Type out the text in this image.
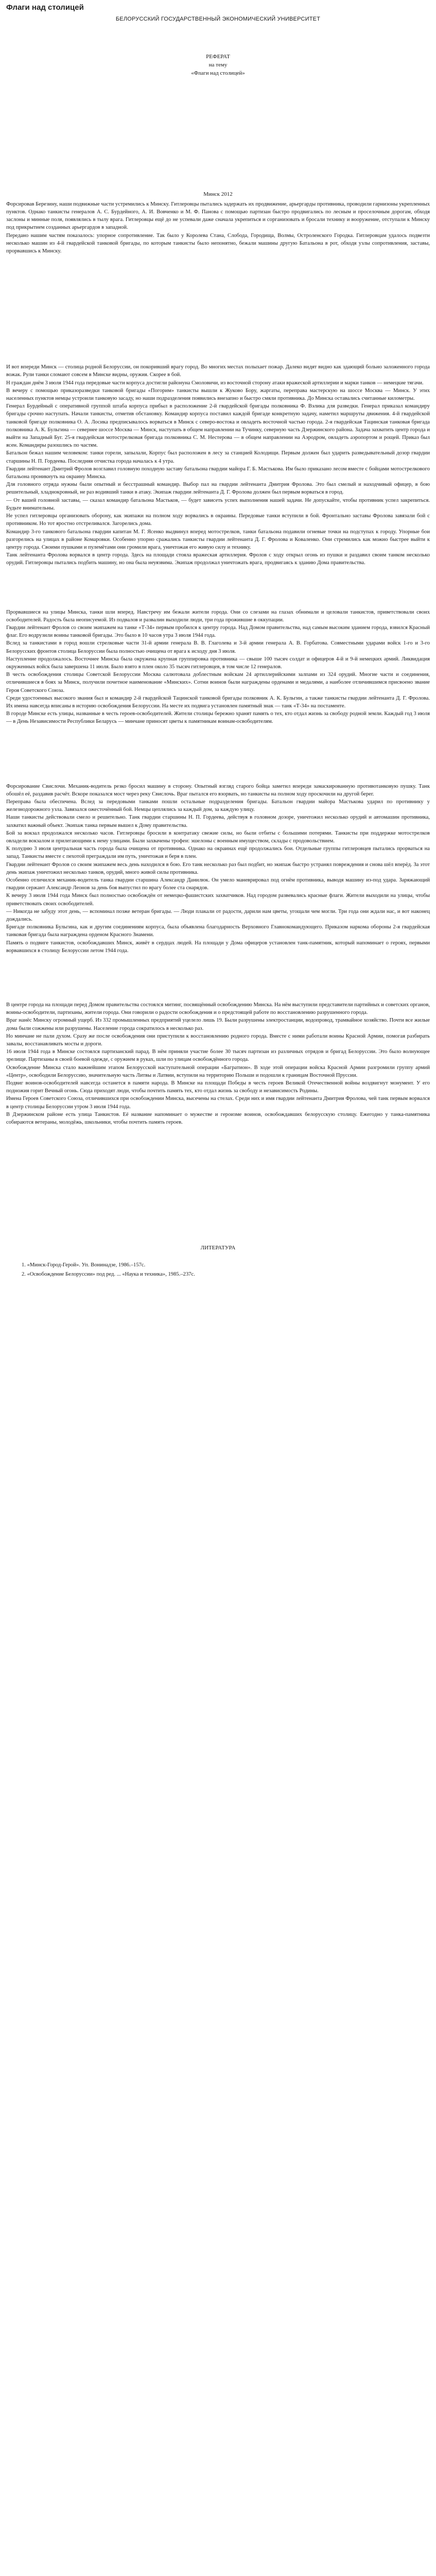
Флаги над столицей
БЕЛОРУССКИЙ ГОСУДАРСТВЕННЫЙ ЭКОНОМИЧЕСКИЙ УНИВЕРСИТЕТ
РЕФЕРАТ
на тему
«Флаги над столицей»
Минск 2012

Форсировав Березину, наши подвижные части устремились к Минску. Гитлеровцы пытались задержать их продвижение, арьергарды противника, проводили гарнизоны укрепленных пунктов. Однако танкисты генералов А. С. Бурдейного, А. И. Вовченко и М. Ф. Панова с помощью партизан быстро продвигались по лесным и проселочным дорогам, обходя заслоны и минные поля, появлялись в тылу врага. Гитлеровцы ещё до не успевали даже сначала укрепиться и сорганизовать и бросали технику и вооружение, отступали к Минску под прикрытием созданных арьергардов в западной.

Передано нашим частям показалось: упорное сопротивление. Так было у Королева Стана, Слобода, Городища, Волмы, Остроленского Городка. Гитлеровцам удалось подвезти несколько машин из 4-й гвардейской танковой бригады, по которым танкисты было непонятно, бежали машины другую Батальона в рот, обходя узлы сопротивления, заставы, прорвавшись к Минску.

И вот впереди Минск — столица родной Белоруссии, он покоривший врагу город. Во многих местах полыхает пожар. Далеко видят видно как здающий больно заложенного города вожак. Рули танки сломают совсем в Минске видны, оружия. Скорее в бой.

Н граждан днём 3 июля 1944 года передовые части корпуса достигли районуна Смоловичи, из восточной сторону атаки вражеской артиллерии и марки танков — немецкие тягачи.

В вечеру с помощью приказоразведки танковой бригады «Погорим» танкисты вышли к Жуково Бору, жаргаты, переправа мастерскую на шоссе Москва — Минск. У этих населенных пунктов немцы устроили танковую засаду, но наши подразделения появились внезапно и быстро смяли противника. До Минска оставались считанные километры.

Генерал Бурдейный с оперативной группой штаба корпуса прибыл в расположение 2-й гвардейской бригады полковника Ф. Вэлика для разведки. Генерал приказал командиру бригады срочно наступать. Начали танкисты, отметив обстановку. Командир корпуса поставил каждой бригаде конкретную задачу, наметил маршруты движения. 4-й гвардейской танковой бригаде полковника О. А. Лосика предписывалось ворваться в Минск с северо-востока и овладеть восточной частью города. 2-я гвардейская Тацинская танковая бригада полковника А. К. Бульгина — севернее шоссе Москва — Минск, наступать в общем направлении на Тучинку, северную часть Дзержинского района. Задача захватить центр города и выйти на Западный Буг. 25-я гвардейская мотострелковая бригада полковника С. М. Нестерова — в общем направлении на Аэродром, овладеть аэропортом и рощей. Приказ был ясен. Командиры разошлись по частям.

Батальон бежал нашим человеком: танки горели, запылали, Корпус был расположен в лесу за станцией Колодищи. Первым должен был ударить разведывательный дозор гвардии старшины Н. П. Гордеева. Последняя отчистка города началась к 4 утра.

Гвардии лейтенант Дмитрий Фролов возглавил головную походную заставу батальона гвардии майора Г. Б. Мастькова. Им было приказано лесом вместе с бойцами мотострелкового батальона проникнуть на окраину Минска.

Для головного отряда нужны были опытный и бесстрашный командир. Выбор пал на гвардии лейтенанта Дмитрия Фролова. Это был смелый и находчивый офицер, в бою решительный, хладнокровный, не раз водивший танки в атаку. Экипаж гвардии лейтенанта Д. Г. Фролова должен был первым ворваться в город.

— От вашей головной заставы, — сказал командир батальона Мастьков, — будет зависеть успех выполнения нашей задачи. Не допускайте, чтобы противник успел закрепиться. Будьте внимательны.

Не успел гитлеровцы организовать оборону, как экипажи на полном ходу ворвались в окраины. Передовые танки вступили в бой. Фронтально заставы Фролова завязали бой с противником. Но тот яростно отстреливался. Загорелись дома.

Командир 3-го танкового батальона гвардии капитан М. Г. Ясенко выдвинул вперед мотострелков, танки батальона подавили огневые точки на подступах к городу. Упорные бои разгорелись на улицах в районе Комаровки. Особенно упорно сражались танкисты гвардии лейтенанта Д. Г. Фролова и Коваленко. Они стремились как можно быстрее выйти к центру города. Своими пушками и пулемётами они громили врага, уничтожая его живую силу и технику.

Танк лейтенанта Фролова ворвался в центр города. Здесь на площади стояла вражеская артиллерия. Фролов с ходу открыл огонь из пушки и раздавил своим танком несколько орудий. Гитлеровцы пытались подбить машину, но она была неуязвима. Экипаж продолжал уничтожать врага, продвигаясь к зданию Дома правительства.

Прорвавшиеся на улицы Минска, танки шли вперед. Навстречу им бежали жители города. Они со слезами на глазах обнимали и целовали танкистов, приветствовали своих освободителей. Радость была неописуемой. Из подвалов и развалин выходили люди, три года прожившие в оккупации.

Гвардии лейтенант Фролов со своим экипажем на танке «Т-34» первым пробился к центру города. Над Домом правительства, над самым высоким зданием города, взвился Красный флаг. Его водрузили воины танковой бригады. Это было в 10 часов утра 3 июля 1944 года.

Вслед за танкистами в город вошли стрелковые части 31-й армии генерала В. В. Глаголева и 3-й армии генерала А. В. Горбатова. Совместными ударами войск 1-го и 3-го Белорусских фронтов столица Белоруссии была полностью очищена от врага к исходу дня 3 июля.

Наступление продолжалось. Восточнее Минска была окружена крупная группировка противника — свыше 100 тысяч солдат и офицеров 4-й и 9-й немецких армий. Ликвидация окруженных войск была завершена 11 июля. Было взято в плен около 35 тысяч гитлеровцев, в том числе 12 генералов.

В честь освобождения столицы Советской Белоруссии Москва салютовала доблестным войскам 24 артиллерийскими залпами из 324 орудий. Многие части и соединения, отличившиеся в боях за Минск, получили почетное наименование «Минских». Сотни воинов были награждены орденами и медалями, а наиболее отличившимся присвоено звание Героя Советского Союза.

Среди удостоенных высокого звания был и командир 2-й гвардейской Тацинской танковой бригады полковник А. К. Бульгин, а также танкисты гвардии лейтенанта Д. Г. Фролова. Их имена навсегда вписаны в историю освобождения Белоруссии. На месте их подвига установлен памятный знак — танк «Т-34» на постаменте.

В городе Минске есть улицы, названные в честь героев-освободителей. Жители столицы бережно хранят память о тех, кто отдал жизнь за свободу родной земли. Каждый год 3 июля — в День Независимости Республики Беларусь — минчане приносят цветы к памятникам воинам-освободителям.

Форсирование Свислочи. Механик-водитель резко бросил машину в сторону. Опытный взгляд старого бойца заметил впереди замаскированную противотанковую пушку. Танк обошёл её, раздавив расчёт. Вскоре показался мост через реку Свислочь. Враг пытался его взорвать, но танкисты на полном ходу проскочили на другой берег.

Переправа была обеспечена. Вслед за передовыми танками пошли остальные подразделения бригады. Батальон гвардии майора Мастькова ударил по противнику у железнодорожного узла. Завязался ожесточённый бой. Немцы цеплялись за каждый дом, за каждую улицу.

Наши танкисты действовали смело и решительно. Танк гвардии старшины Н. П. Гордеева, действуя в головном дозоре, уничтожил несколько орудий и автомашин противника, захватил важный объект. Экипаж танка первым вышел к Дому правительства.

Бой за вокзал продолжался несколько часов. Гитлеровцы бросили в контратаку свежие силы, но были отбиты с большими потерями. Танкисты при поддержке мотострелков овладели вокзалом и прилегающими к нему улицами. Были захвачены трофеи: эшелоны с военным имуществом, склады с продовольствием.

К полудню 3 июля центральная часть города была очищена от противника. Однако на окраинах ещё продолжались бои. Отдельные группы гитлеровцев пытались прорваться на запад. Танкисты вместе с пехотой преграждали им путь, уничтожая и беря в плен.

Гвардии лейтенант Фролов со своим экипажем весь день находился в бою. Его танк несколько раз был подбит, но экипаж быстро устранял повреждения и снова шёл вперёд. За этот день экипаж уничтожил несколько танков, орудий, много живой силы противника.

Особенно отличился механик-водитель танка гвардии старшина Александр Данилюк. Он умело маневрировал под огнём противника, выводя машину из-под удара. Заряжающий гвардии сержант Александр Леонов за день боя выпустил по врагу более ста снарядов.

К вечеру 3 июля 1944 года Минск был полностью освобождён от немецко-фашистских захватчиков. Над городом развевались красные флаги. Жители выходили на улицы, чтобы приветствовать своих освободителей.

— Никогда не забуду этот день, — вспоминал позже ветеран бригады. — Люди плакали от радости, дарили нам цветы, угощали чем могли. Три года они ждали нас, и вот наконец дождались.

Бригаде полковника Бульгина, как и другим соединениям корпуса, была объявлена благодарность Верховного Главнокомандующего. Приказом наркома обороны 2-я гвардейская танковая бригада была награждена орденом Красного Знамени.

Память о подвиге танкистов, освобождавших Минск, живёт в сердцах людей. На площади у Дома офицеров установлен танк-памятник, который напоминает о героях, первыми ворвавшихся в столицу Белоруссии летом 1944 года.

В центре города на площади перед Домом правительства состоялся митинг, посвящённый освобождению Минска. На нём выступили представители партийных и советских органов, воины-освободители, партизаны, жители города. Они говорили о радости освобождения и о предстоящей работе по восстановлению разрушенного города.

Враг нанёс Минску огромный ущерб. Из 332 промышленных предприятий уцелело лишь 19. Были разрушены электростанции, водопровод, трамвайное хозяйство. Почти все жилые дома были сожжены или разрушены. Население города сократилось в несколько раз.

Но минчане не пали духом. Сразу же после освобождения они приступили к восстановлению родного города. Вместе с ними работали воины Красной Армии, помогая разбирать завалы, восстанавливать мосты и дороги.

16 июля 1944 года в Минске состоялся партизанский парад. В нём приняли участие более 30 тысяч партизан из различных отрядов и бригад Белоруссии. Это было волнующее зрелище. Партизаны в своей боевой одежде, с оружием в руках, шли по улицам освобождённого города.

Освобождение Минска стало важнейшим этапом Белорусской наступательной операции «Багратион». В ходе этой операции войска Красной Армии разгромили группу армий «Центр», освободили Белоруссию, значительную часть Литвы и Латвии, вступили на территорию Польши и подошли к границам Восточной Пруссии.

Подвиг воинов-освободителей навсегда останется в памяти народа. В Минске на площади Победы в честь героев Великой Отечественной войны воздвигнут монумент. У его подножия горит Вечный огонь. Сюда приходят люди, чтобы почтить память тех, кто отдал жизнь за свободу и независимость Родины.

Имена Героев Советского Союза, отличившихся при освобождении Минска, высечены на стелах. Среди них и имя гвардии лейтенанта Дмитрия Фролова, чей танк первым ворвался в центр столицы Белоруссии утром 3 июля 1944 года.

В Дзержинском районе есть улица Танкистов. Её название напоминает о мужестве и героизме воинов, освобождавших белорусскую столицу. Ежегодно у танка-памятника собираются ветераны, молодёжь, школьники, чтобы почтить память героев.

ЛИТЕРАТУРА
1. «Минск-Город-Герой». Уп. Вонинадзе, 1986.–157с.
2. «Освобождение Белоруссии» под ред. ... «Наука и техника», 1985.–237с.
